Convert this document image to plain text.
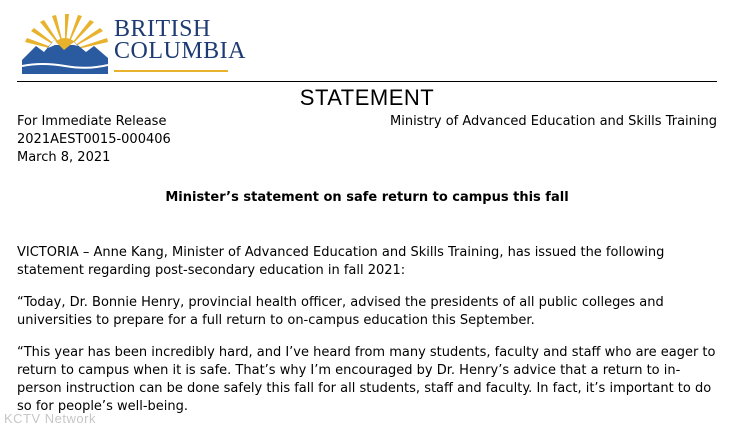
BRITISH
COLUMBIA
STATEMENT
For Immediate Release
2021AEST0015-000406
March 8, 2021
Ministry of Advanced Education and Skills Training
Minister’s statement on safe return to campus this fall

VICTORIA – Anne Kang, Minister of Advanced Education and Skills Training, has issued the following statement regarding post-secondary education in fall 2021:

“Today, Dr. Bonnie Henry, provincial health officer, advised the presidents of all public colleges and universities to prepare for a full return to on-campus education this September.

“This year has been incredibly hard, and I’ve heard from many students, faculty and staff who are eager to return to campus when it is safe. That’s why I’m encouraged by Dr. Henry’s advice that a return to in-person instruction can be done safely this fall for all students, staff and faculty. In fact, it’s important to do so for people’s well-being.

KCTV Network
